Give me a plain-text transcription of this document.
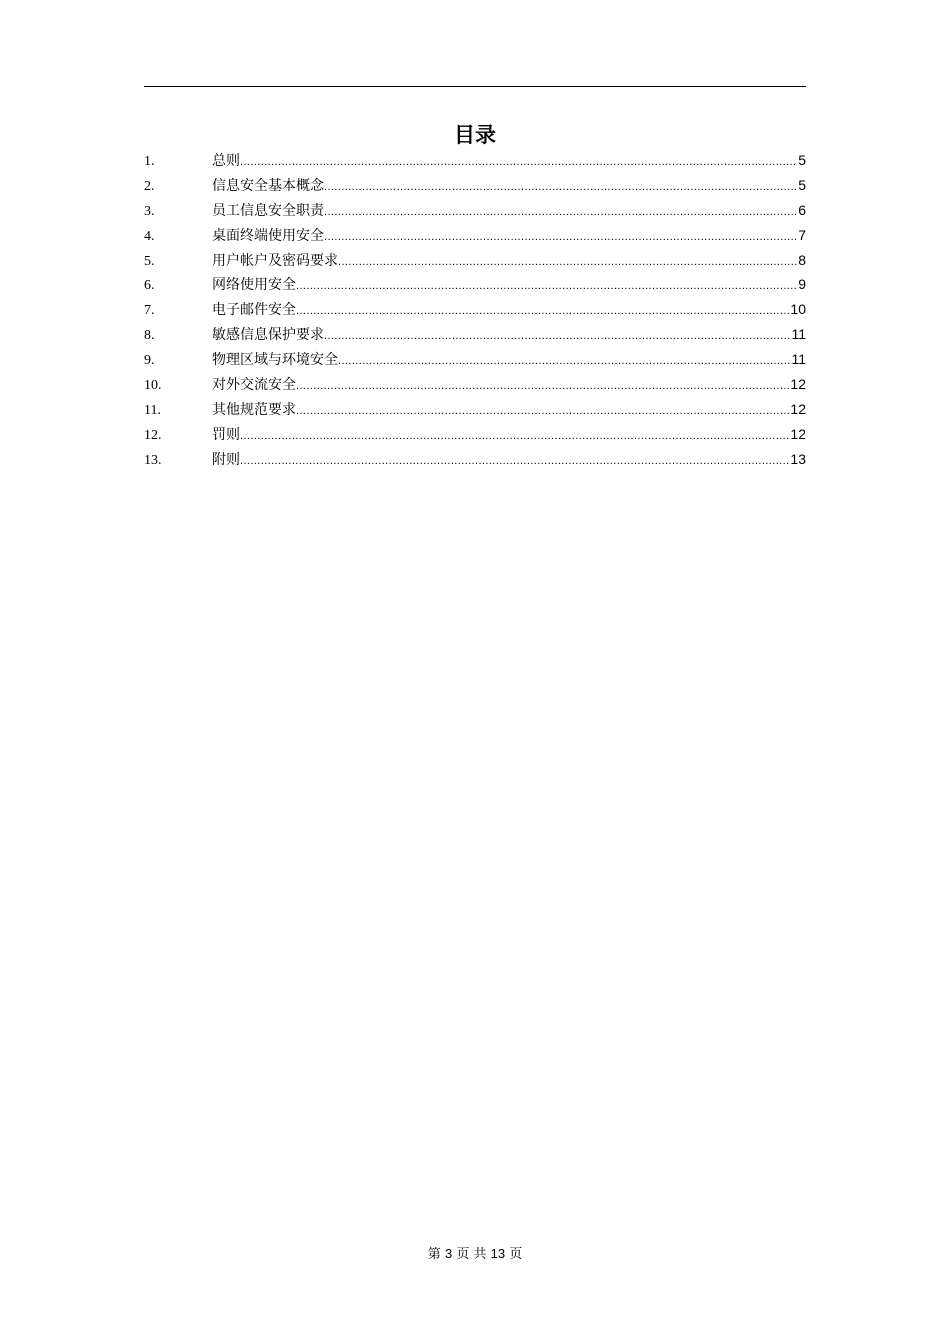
目录
1.	总则 .....	5
2.	信息安全基本概念 .....	5
3.	员工信息安全职责 .....	6
4.	桌面终端使用安全 .....	7
5.	用户帐户及密码要求 .....	8
6.	网络使用安全 .....	9
7.	电子邮件安全 .....	10
8.	敏感信息保护要求 .....	11
9.	物理区域与环境安全 .....	11
10.	对外交流安全 .....	12
11.	其他规范要求 .....	12
12.	罚则 .....	12
13.	附则 .....	13
第 3 页 共 13 页
